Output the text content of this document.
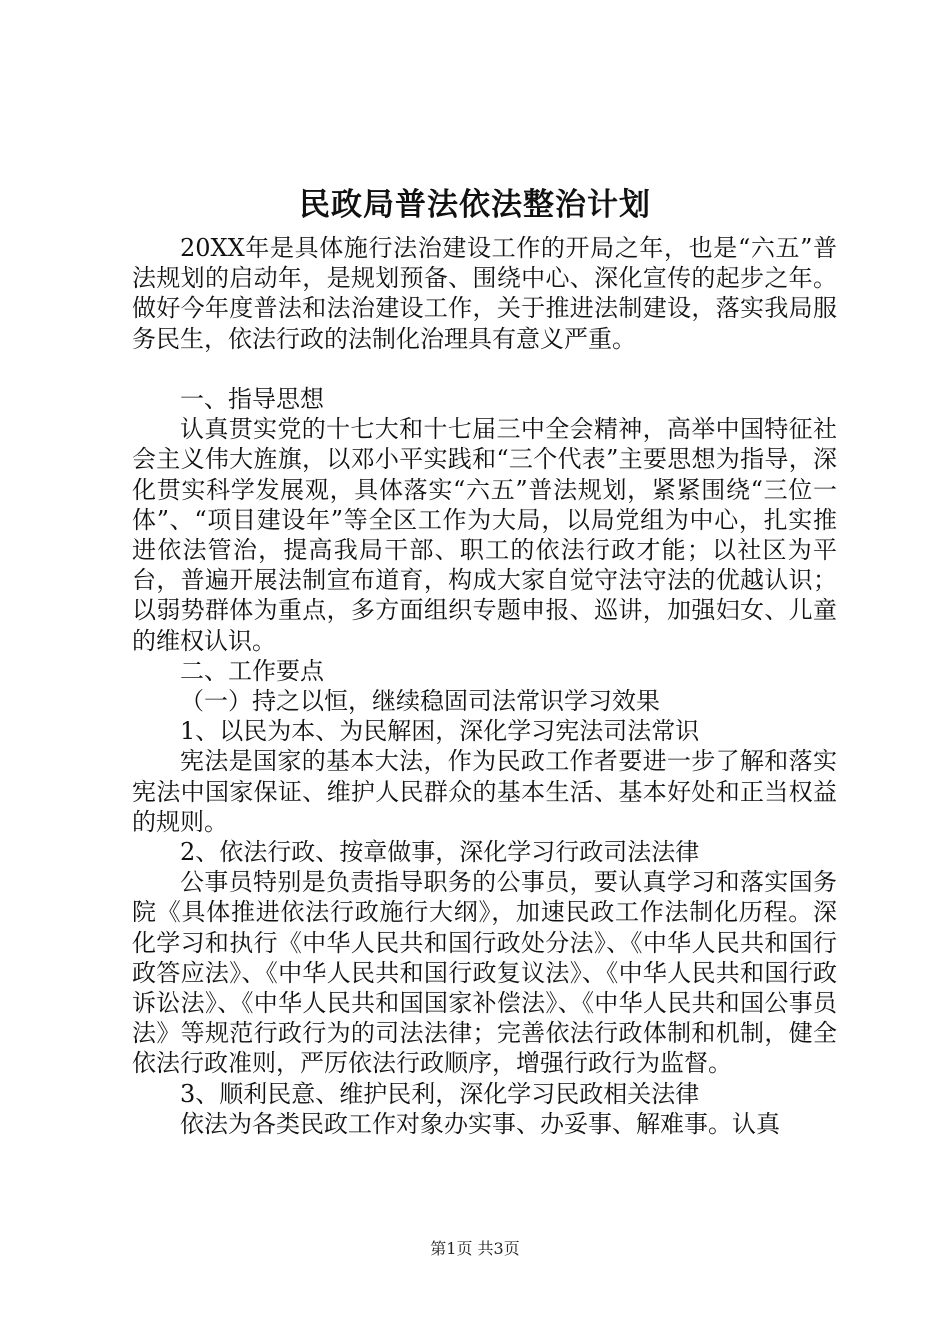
民政局普法依法整治计划

20XX年是具体施行法治建设工作的开局之年，也是“六五”普法规划的启动年，是规划预备、围绕中心、深化宣传的起步之年。做好今年度普法和法治建设工作，关于推进法制建设，落实我局服务民生，依法行政的法制化治理具有意义严重。

一、指导思想

认真贯实党的十七大和十七届三中全会精神，高举中国特征社会主义伟大旌旗，以邓小平实践和“三个代表”主要思想为指导，深化贯实科学发展观，具体落实“六五”普法规划，紧紧围绕“三位一体”、“项目建设年”等全区工作为大局，以局党组为中心，扎实推进依法管治，提高我局干部、职工的依法行政才能；以社区为平台，普遍开展法制宣布道育，构成大家自觉守法守法的优越认识；以弱势群体为重点，多方面组织专题申报、巡讲，加强妇女、儿童的维权认识。

二、工作要点

（一）持之以恒，继续稳固司法常识学习效果

1、以民为本、为民解困，深化学习宪法司法常识

宪法是国家的基本大法，作为民政工作者要进一步了解和落实宪法中国家保证、维护人民群众的基本生活、基本好处和正当权益的规则。

2、依法行政、按章做事，深化学习行政司法法律

公事员特别是负责指导职务的公事员，要认真学习和落实国务院《具体推进依法行政施行大纲》，加速民政工作法制化历程。深化学习和执行《中华人民共和国行政处分法》、《中华人民共和国行政答应法》、《中华人民共和国行政复议法》、《中华人民共和国行政诉讼法》、《中华人民共和国国家补偿法》、《中华人民共和国公事员法》等规范行政行为的司法法律；完善依法行政体制和机制，健全依法行政准则，严厉依法行政顺序，增强行政行为监督。

3、顺利民意、维护民利，深化学习民政相关法律

依法为各类民政工作对象办实事、办妥事、解难事。认真

第1页 共3页
